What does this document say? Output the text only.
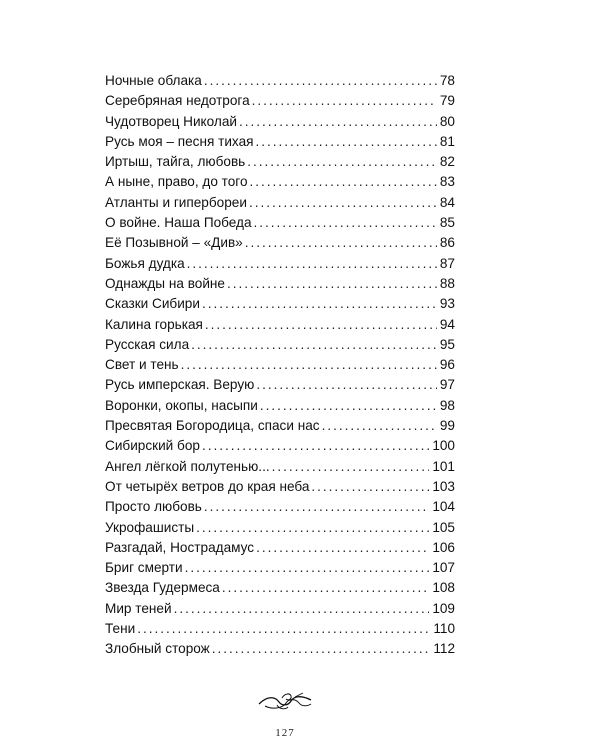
Ночные облака . . .	78
Серебряная недотрога . . .	79
Чудотворец Николай . . .	80
Русь моя – песня тихая . . .	81
Иртыш, тайга, любовь . . .	82
А ныне, право, до того . . .	83
Атланты и гипербореи . . .	84
О войне. Наша Победа . . .	85
Её Позывной – «Див» . . .	86
Божья дудка . . .	87
Однажды на войне . . .	88
Сказки Сибири . . .	93
Калина горькая . . .	94
Русская сила . . .	95
Свет и тень . . .	96
Русь имперская. Верую . . .	97
Воронки, окопы, насыпи . . .	98
Пресвятая Богородица, спаси нас . . .	99
Сибирский бор . . .	100
Ангел лёгкой полутенью... . . .	101
От четырёх ветров до края неба . . .	103
Просто любовь . . .	104
Укрофашисты . . .	105
Разгадай, Нострадамус . . .	106
Бриг смерти . . .	107
Звезда Гудермеса . . .	108
Мир теней . . .	109
Тени . . .	110
Злобный сторож . . .	112
127
